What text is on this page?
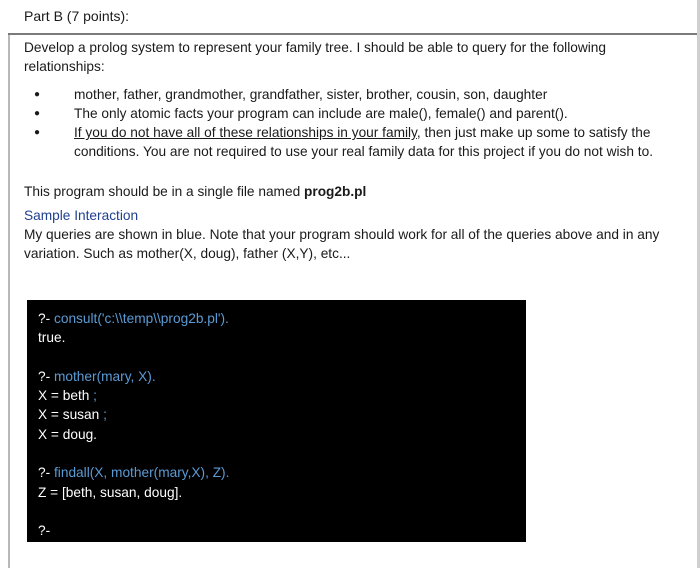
Part B (7 points):

Develop a prolog system to represent your family tree. I should be able to query for the following relationships:

● mother, father, grandmother, grandfather, sister, brother, cousin, son, daughter
● The only atomic facts your program can include are male(), female() and parent().
● If you do not have all of these relationships in your family, then just make up some to satisfy the conditions. You are not required to use your real family data for this project if you do not wish to.

This program should be in a single file named prog2b.pl

Sample Interaction

My queries are shown in blue. Note that your program should work for all of the queries above and in any variation. Such as mother(X, doug), father (X,Y), etc...

?- consult('c:\\temp\\prog2b.pl').
true.
?- mother(mary, X).
X = beth ;
X = susan ;
X = doug.
?- findall(X, mother(mary,X), Z).
Z = [beth, susan, doug].
?-
